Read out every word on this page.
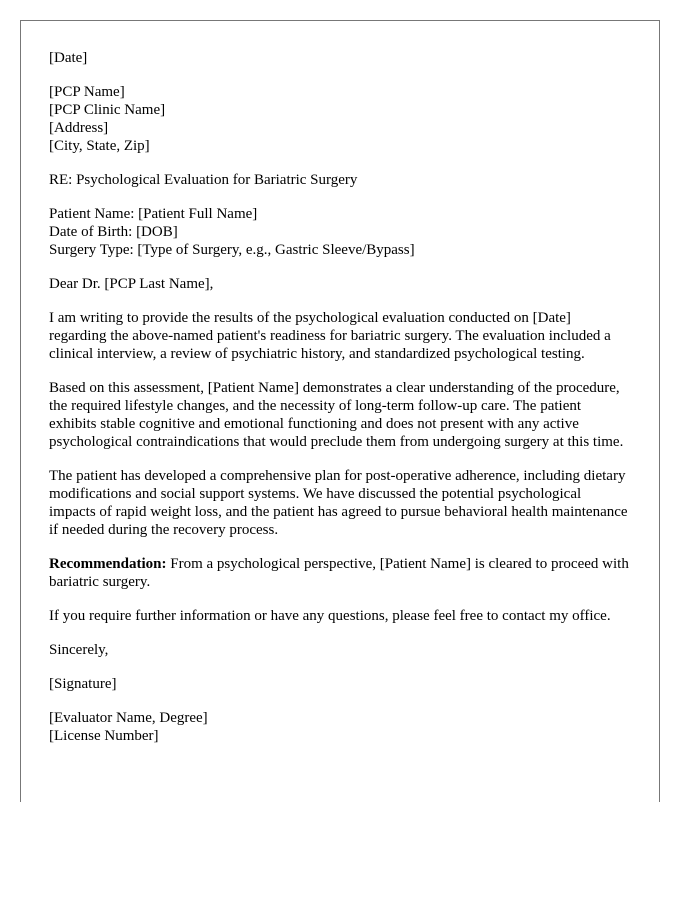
[Date]
[PCP Name]
[PCP Clinic Name]
[Address]
[City, State, Zip]
RE: Psychological Evaluation for Bariatric Surgery
Patient Name: [Patient Full Name]
Date of Birth: [DOB]
Surgery Type: [Type of Surgery, e.g., Gastric Sleeve/Bypass]
Dear Dr. [PCP Last Name],

I am writing to provide the results of the psychological evaluation conducted on [Date] regarding the above-named patient's readiness for bariatric surgery. The evaluation included a clinical interview, a review of psychiatric history, and standardized psychological testing.

Based on this assessment, [Patient Name] demonstrates a clear understanding of the procedure, the required lifestyle changes, and the necessity of long-term follow-up care. The patient exhibits stable cognitive and emotional functioning and does not present with any active psychological contraindications that would preclude them from undergoing surgery at this time.

The patient has developed a comprehensive plan for post-operative adherence, including dietary modifications and social support systems. We have discussed the potential psychological impacts of rapid weight loss, and the patient has agreed to pursue behavioral health maintenance if needed during the recovery process.

Recommendation: From a psychological perspective, [Patient Name] is cleared to proceed with bariatric surgery.

If you require further information or have any questions, please feel free to contact my office.

Sincerely,
[Signature]
[Evaluator Name, Degree]
[License Number]
